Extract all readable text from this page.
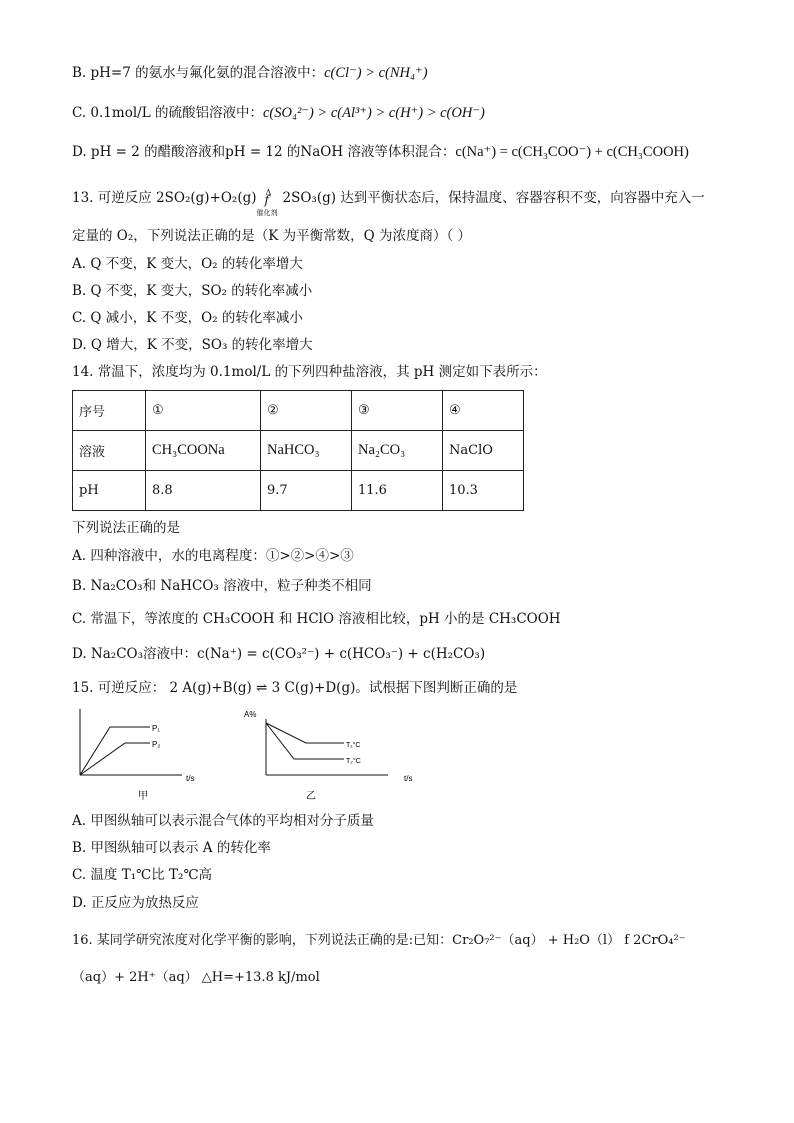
B. pH=7 的氨水与氟化氨的混合溶液中：c(Cl⁻) > c(NH₄⁺)
C. 0.1mol/L 的硫酸铝溶液中：c(SO₄²⁻) > c(Al³⁺) > c(H⁺) > c(OH⁻)
D. pH = 2 的醋酸溶液和pH = 12 的NaOH 溶液等体积混合：c(Na⁺) = c(CH₃COO⁻) + c(CH₃COOH)
13. 可逆反应 2SO₂(g)+O₂(g) Δ
f
催化剂
2SO₃(g) 达到平衡状态后，保持温度、容器容积不变，向容器中充入一
定量的 O₂，下列说法正确的是（K 为平衡常数，Q 为浓度商）（ ）
A. Q 不变，K 变大，O₂ 的转化率增大
B. Q 不变，K 变大，SO₂ 的转化率减小
C. Q 减小，K 不变，O₂ 的转化率减小
D. Q 增大，K 不变，SO₃ 的转化率增大
14. 常温下，浓度均为 0.1mol/L 的下列四种盐溶液，其 pH 测定如下表所示：
序号	①	②	③	④
溶液	CH₃COONa	NaHCO₃	Na₂CO₃	NaClO
pH	8.8	9.7	11.6	10.3
下列说法正确的是
A. 四种溶液中，水的电离程度：①>②>④>③
B. Na₂CO₃和 NaHCO₃ 溶液中，粒子种类不相同
C. 常温下，等浓度的 CH₃COOH 和 HClO 溶液相比较，pH 小的是 CH₃COOH
D. Na₂CO₃溶液中：c(Na⁺) = c(CO₃²⁻) + c(HCO₃⁻) + c(H₂CO₃)
15. 可逆反应： 2 A(g)+B(g) ⇌ 3 C(g)+D(g)。试根据下图判断正确的是
P₁
P₂
t/s
甲
A%
T₁°C
T₂°C
t/s
乙
A. 甲图纵轴可以表示混合气体的平均相对分子质量
B. 甲图纵轴可以表示 A 的转化率
C. 温度 T₁℃比 T₂℃高
D. 正反应为放热反应
16. 某同学研究浓度对化学平衡的影响，下列说法正确的是:已知：Cr₂O₇²⁻（aq） + H₂O（l） f 2CrO₄²⁻
（aq）+ 2H⁺（aq） △H=+13.8 kJ/mol
